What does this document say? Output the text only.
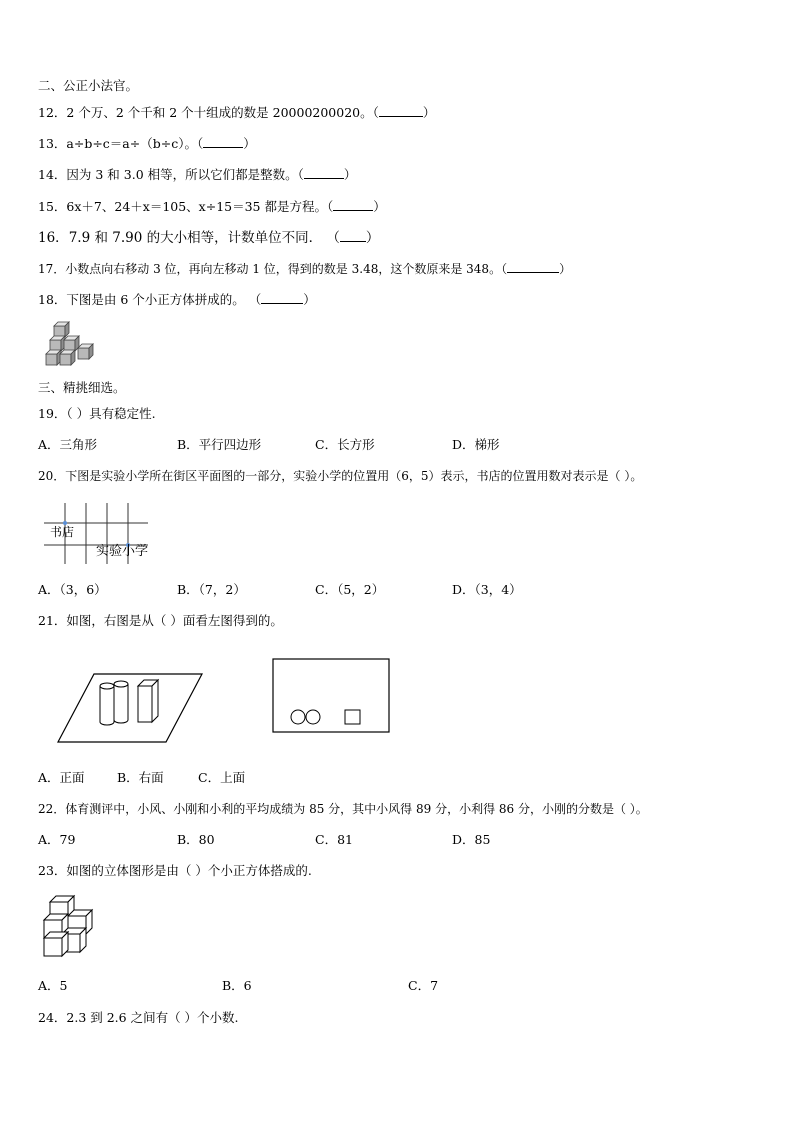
二、公正小法官。
12．2 个万、2 个千和 2 个十组成的数是 20000200020。（	）
13．a÷b÷c＝a÷（b÷c）。（	）
14．因为 3 和 3.0 相等，所以它们都是整数。（	）
15．6x＋7、24＋x＝105、x÷15＝35 都是方程。（	）
16．7.9 和 7.90 的大小相等，计数单位不同． （ ）
17．小数点向右移动 3 位，再向左移动 1 位，得到的数是 3.48，这个数原来是 348。（	）
18．下图是由 6 个小正方体拼成的。 （	）
三、精挑细选。
19．（ ）具有稳定性.
A．三角形	B．平行四边形	C．长方形	D．梯形
20．下图是实验小学所在街区平面图的一部分，实验小学的位置用（6，5）表示，书店的位置用数对表示是（ ）。
书店
实验小学
A．（3，6）	B．（7，2）	C．（5，2）	D．（3，4）
21．如图，右图是从（ ）面看左图得到的。
A．正面	B．右面	C．上面
22．体育测评中，小风、小刚和小利的平均成绩为 85 分，其中小风得 89 分，小利得 86 分，小刚的分数是（ ）。
A．79	B．80	C．81	D．85
23．如图的立体图形是由（ ）个小正方体搭成的.
A．5	B．6	C．7
24．2.3 到 2.6 之间有（ ）个小数.
